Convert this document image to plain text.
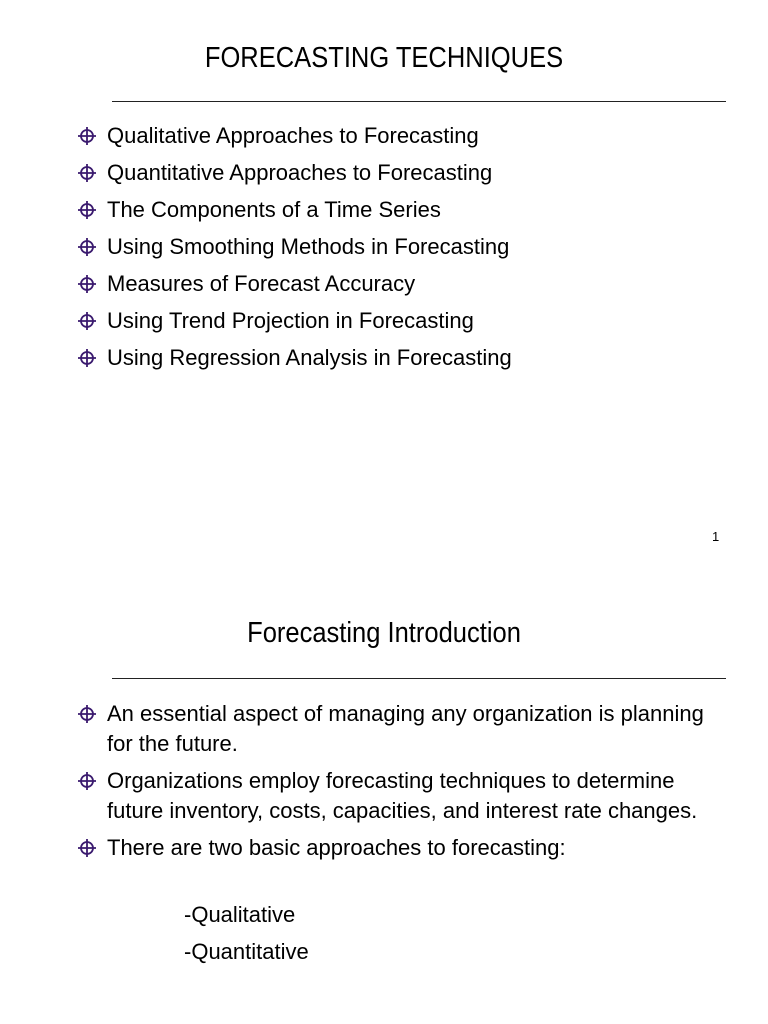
FORECASTING TECHNIQUES
Qualitative Approaches to Forecasting
Quantitative Approaches to Forecasting
The Components of a Time Series
Using Smoothing Methods in Forecasting
Measures of Forecast Accuracy
Using Trend Projection in Forecasting
Using Regression Analysis in Forecasting
1
Forecasting Introduction
An essential aspect of managing any organization is planning for the future.
Organizations employ forecasting techniques to determine future inventory, costs, capacities, and interest rate changes.
There are two basic approaches to forecasting:
-Qualitative
-Quantitative
